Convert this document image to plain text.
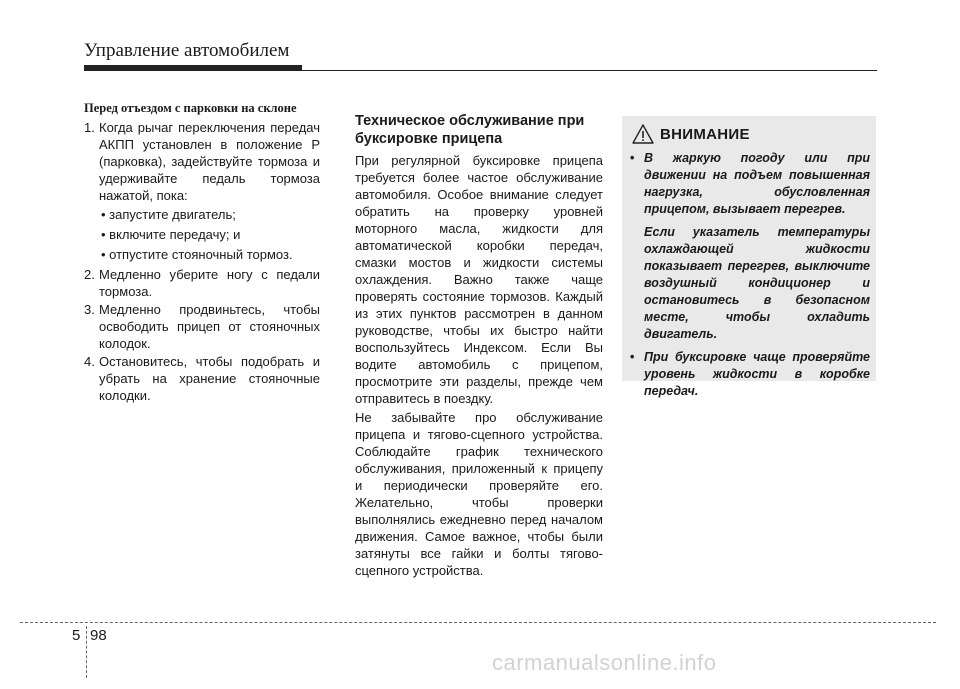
Управление автомобилем
Перед отъездом с парковки на склоне
1. Когда рычаг переключения передач АКПП установлен в положение P (парковка), задействуйте тормоза и удерживайте педаль тормоза нажатой, пока:
• запустите двигатель;
• включите передачу; и
• отпустите стояночный тормоз.
2. Медленно уберите ногу с педали тормоза.
3. Медленно продвиньтесь, чтобы освободить прицеп от стояночных колодок.
4. Остановитесь, чтобы подобрать и убрать на хранение стояночные колодки.
Техническое обслуживание при буксировке прицепа
При регулярной буксировке прицепа требуется более частое обслуживание автомобиля. Особое внимание следует обратить на проверку уровней моторного масла, жидкости для автоматической коробки передач, смазки мостов и жидкости системы охлаждения. Важно также чаще проверять состояние тормозов. Каждый из этих пунктов рассмотрен в данном руководстве, чтобы их быстро найти воспользуйтесь Индексом. Если Вы водите автомобиль с прицепом, просмотрите эти разделы, прежде чем отправитесь в поездку.
Не забывайте про обслуживание прицепа и тягово-сцепного устройства. Соблюдайте график технического обслуживания, приложенный к прицепу и периодически проверяйте его. Желательно, чтобы проверки выполнялись ежедневно перед началом движения. Самое важное, чтобы были затянуты все гайки и болты тягово-сцепного устройства.
ВНИМАНИЕ
• В жаркую погоду или при движении на подъем повышенная нагрузка, обусловленная прицепом, вызывает перегрев.
Если указатель температуры охлаждающей жидкости показывает перегрев, выключите воздушный кондиционер и остановитесь в безопасном месте, чтобы охладить двигатель.
• При буксировке чаще проверяйте уровень жидкости в коробке передач.
5 98
carmanualsonline.info
